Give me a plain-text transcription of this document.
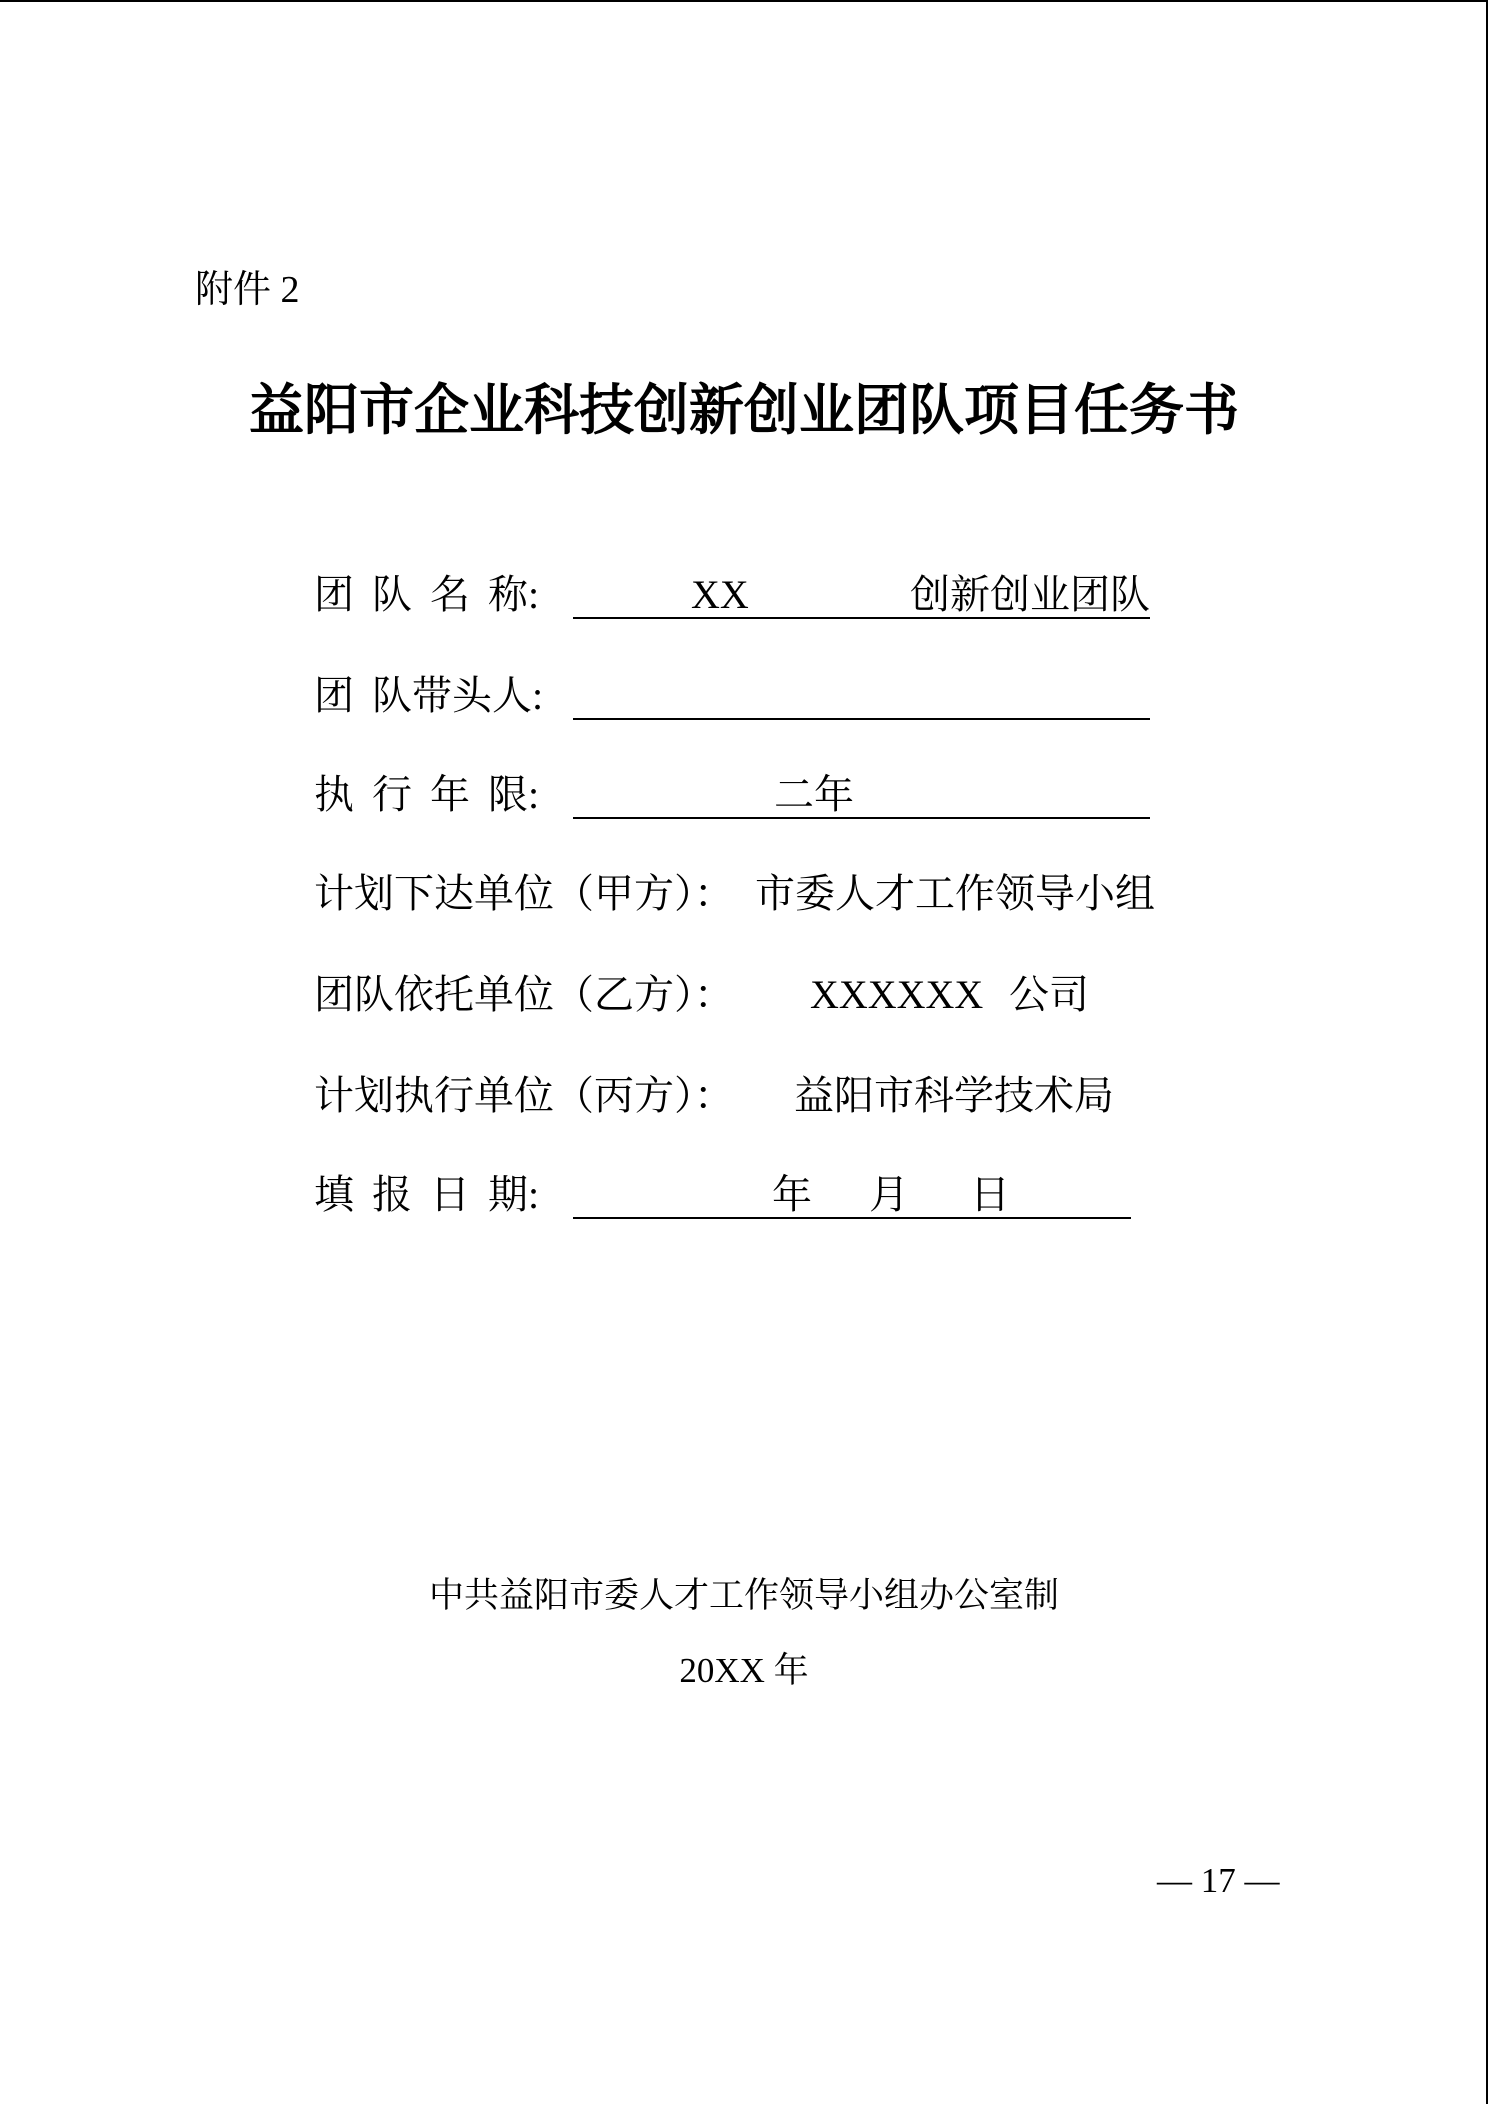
附件 2
益阳市企业科技创新创业团队项目任务书
团 队 名 称:	XX	创新创业团队
团 队带头人:
执 行 年 限:	二年
计划下达单位（甲方）： 市委人才工作领导小组
团队依托单位（乙方）： XXXXXX 公司
计划执行单位（丙方）： 益阳市科学技术局
填 报 日 期:	年 月 日
中共益阳市委人才工作领导小组办公室制
20XX 年
— 17 —
